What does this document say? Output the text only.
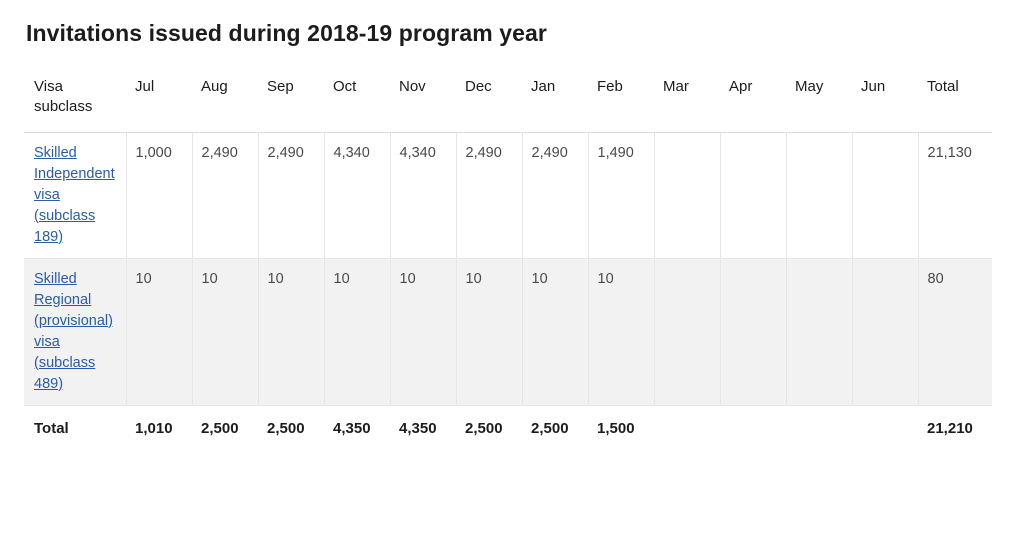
Invitations issued during 2018-19 program year
Visa subclass	Jul	Aug	Sep	Oct	Nov	Dec	Jan	Feb	Mar	Apr	May	Jun	Total
Skilled Independent visa (subclass 189)	1,000	2,490	2,490	4,340	4,340	2,490	2,490	1,490					21,130
Skilled Regional (provisional) visa (subclass 489)	10	10	10	10	10	10	10	10					80
Total	1,010	2,500	2,500	4,350	4,350	2,500	2,500	1,500					21,210
